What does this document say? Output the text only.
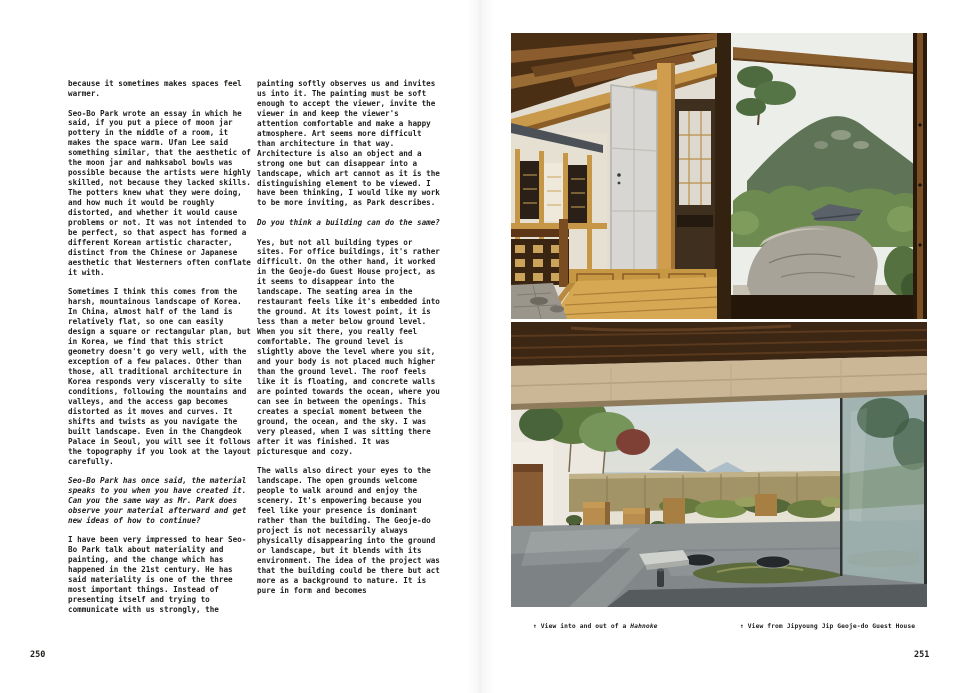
because it sometimes makes spaces feel warmer.

Seo-Bo Park wrote an essay in which he said, if you put a piece of moon jar pottery in the middle of a room, it makes the space warm. Ufan Lee said something similar, that the aesthetic of the moon jar and mahksabol bowls was possible because the artists were highly skilled, not because they lacked skills. The potters knew what they were doing, and how much it would be roughly distorted, and whether it would cause problems or not. It was not intended to be perfect, so that aspect has formed a different Korean artistic character, distinct from the Chinese or Japanese aesthetic that Westerners often conflate it with.

Sometimes I think this comes from the harsh, mountainous landscape of Korea. In China, almost half of the land is relatively flat, so one can easily design a square or rectangular plan, but in Korea, we find that this strict geometry doesn't go very well, with the exception of a few palaces. Other than those, all traditional architecture in Korea responds very viscerally to site conditions, following the mountains and valleys, and the access gap becomes distorted as it moves and curves. It shifts and twists as you navigate the built landscape. Even in the Changdeok Palace in Seoul, you will see it follows the topography if you look at the layout carefully.

Seo-Bo Park has once said, the material speaks to you when you have created it. Can you the same way as Mr. Park does observe your material afterward and get new ideas of how to continue?

I have been very impressed to hear Seo-Bo Park talk about materiality and painting, and the change which has happened in the 21st century. He has said materiality is one of the three most important things. Instead of presenting itself and trying to communicate with us strongly, the

painting softly observes us and invites us into it. The painting must be soft enough to accept the viewer, invite the viewer in and keep the viewer's attention comfortable and make a happy atmosphere. Art seems more difficult than architecture in that way. Architecture is also an object and a strong one but can disappear into a landscape, which art cannot as it is the distinguishing element to be viewed. I have been thinking, I would like my work to be more inviting, as Park describes.

Do you think a building can do the same?

Yes, but not all building types or sites. For office buildings, it's rather difficult. On the other hand, it worked in the Geoje-do Guest House project, as it seems to disappear into the landscape. The seating area in the restaurant feels like it's embedded into the ground. At its lowest point, it is less than a meter below ground level. When you sit there, you really feel comfortable. The ground level is slightly above the level where you sit, and your body is not placed much higher than the ground level. The roof feels like it is floating, and concrete walls are pointed towards the ocean, where you can see in between the openings. This creates a special moment between the ground, the ocean, and the sky. I was very pleased, when I was sitting there after it was finished. It was picturesque and cozy.

The walls also direct your eyes to the landscape. The open grounds welcome people to walk around and enjoy the scenery. It's empowering because you feel like your presence is dominant rather than the building. The Geoje-do project is not necessarily always physically disappearing into the ground or landscape, but it blends with its environment. The idea of the project was that the building could be there but act more as a background to nature. It is pure in form and becomes

250
↑ View into and out of a Hahnoke	↑ View from Jipyoung Jip Geoje-do Guest House
251
